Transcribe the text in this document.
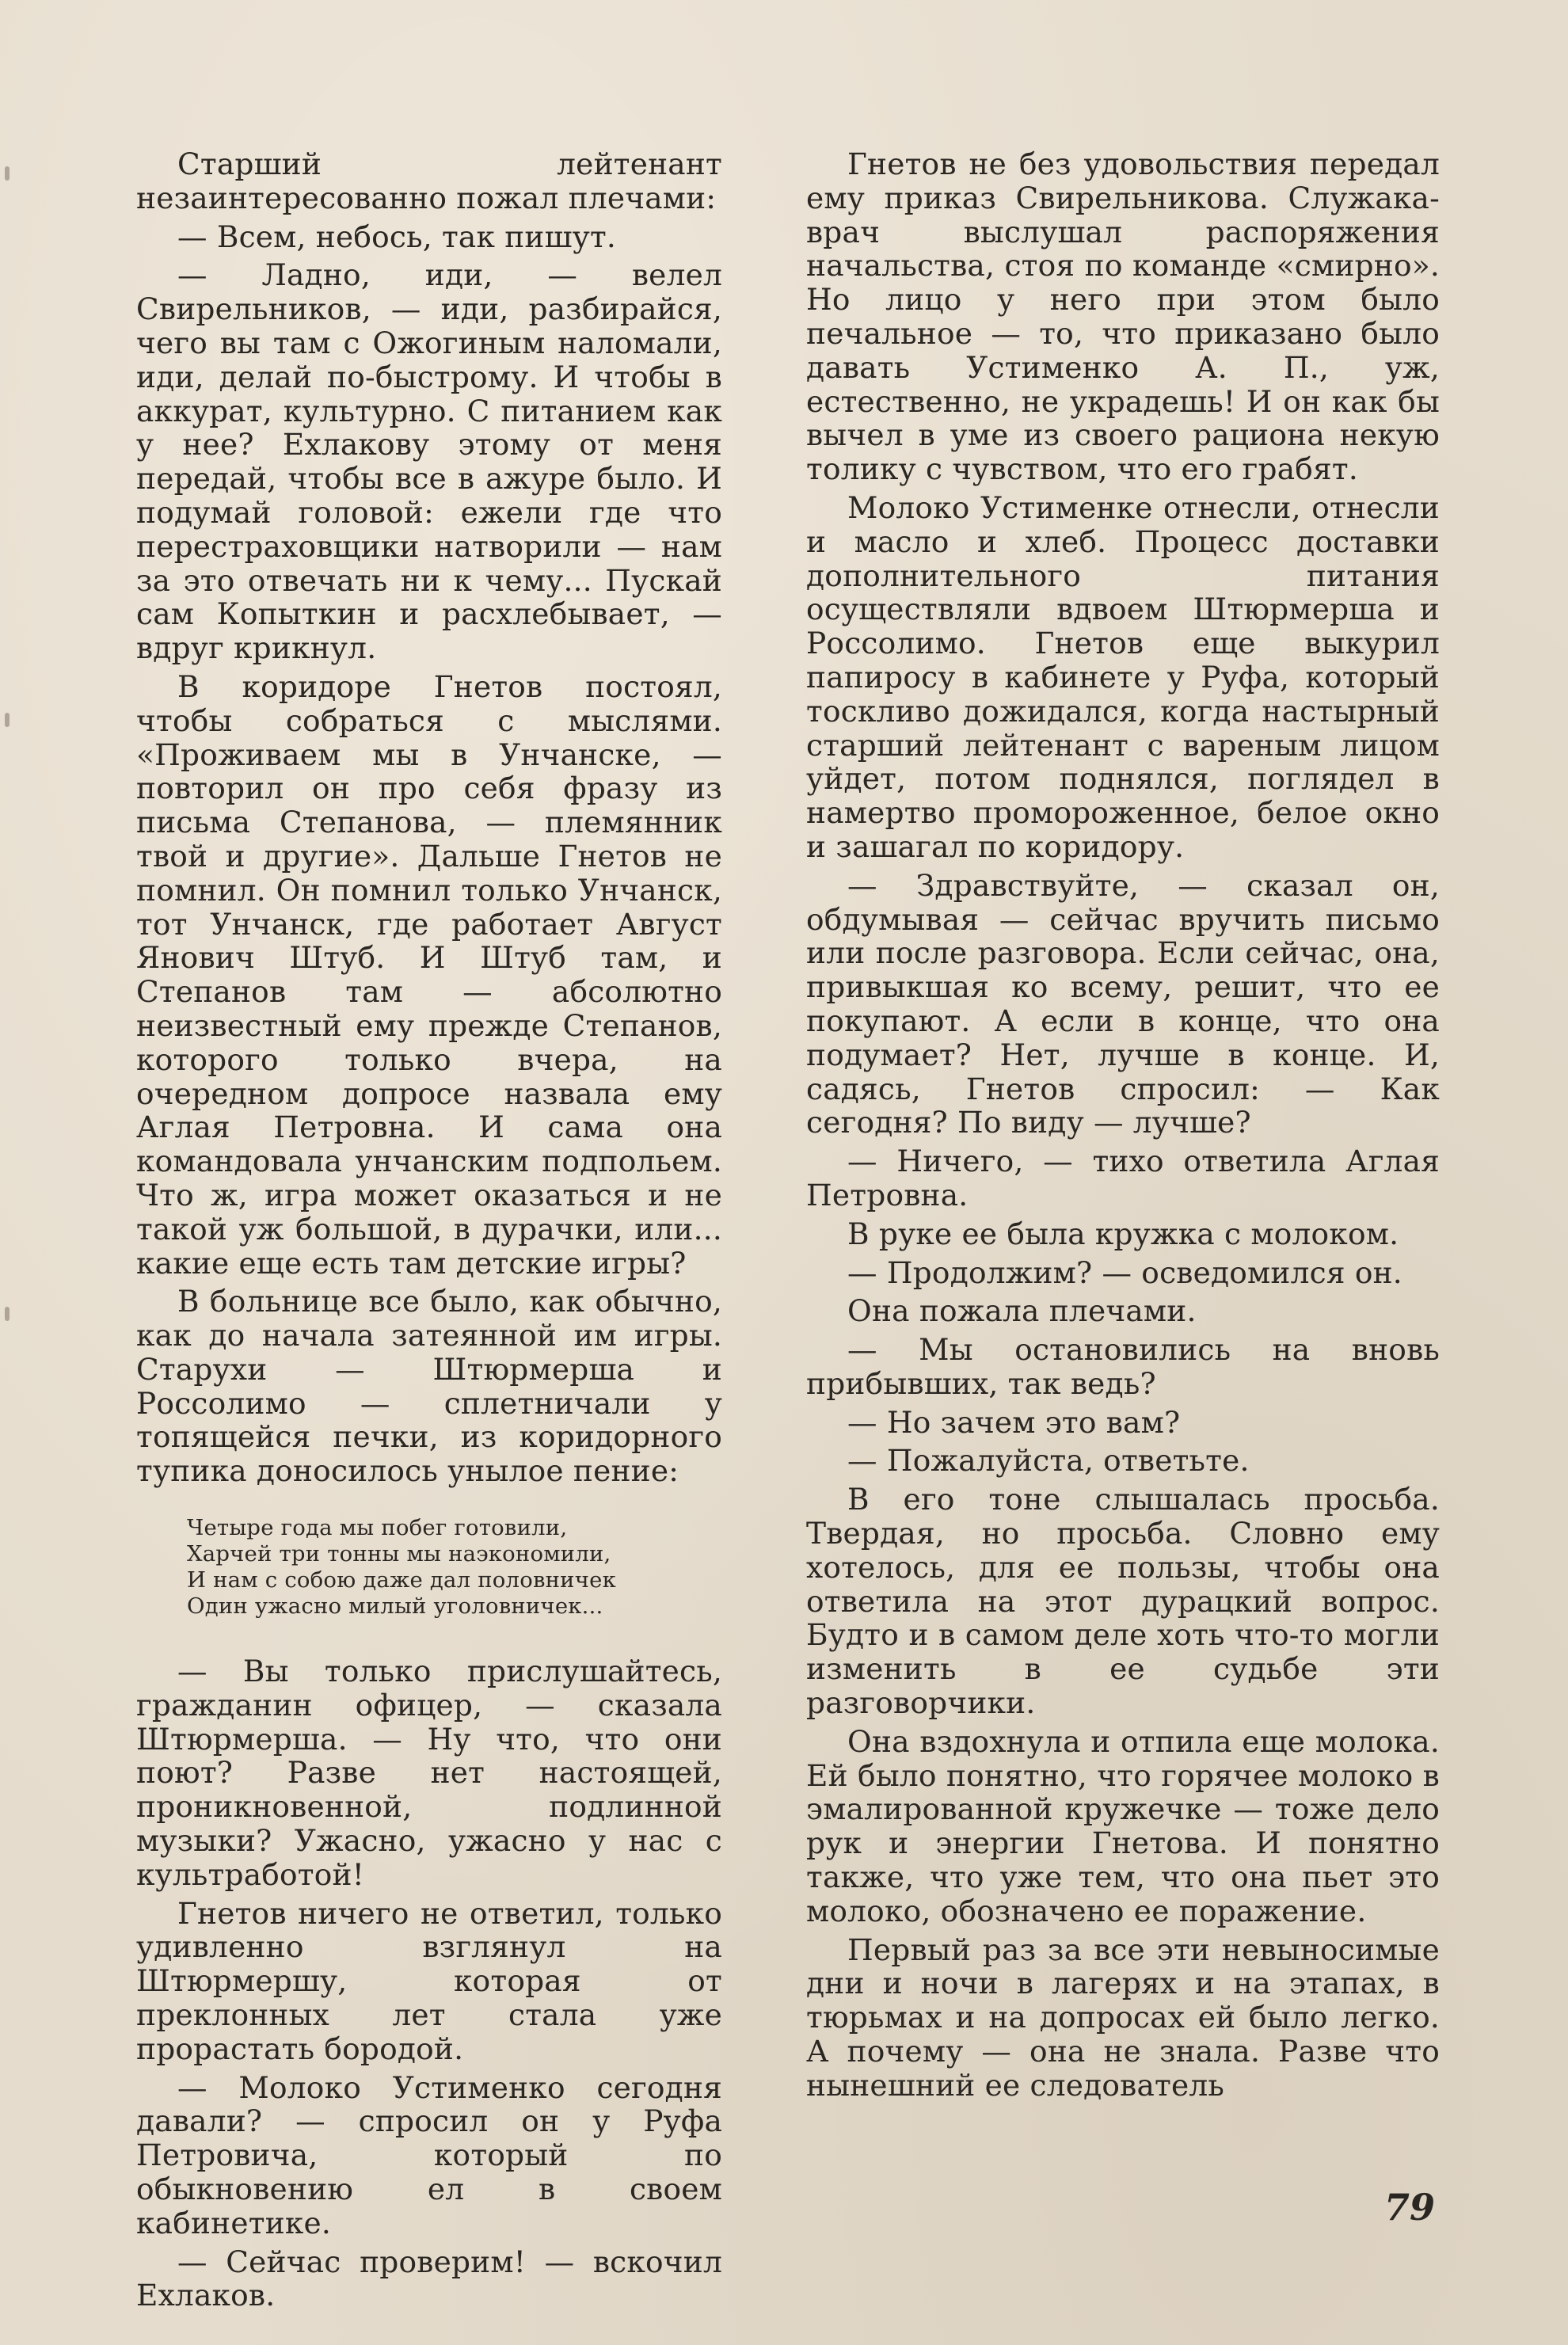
Старший лейтенант незаинтересованно пожал плечами:

— Всем, небось, так пишут.

— Ладно, иди, — велел Свирельников, — иди, разбирайся, чего вы там с Ожогиным наломали, иди, делай по-быстрому. И чтобы в аккурат, культурно. С питанием как у нее? Ехлакову этому от меня передай, чтобы все в ажуре было. И подумай головой: ежели где что перестраховщики натворили — нам за это отвечать ни к чему... Пускай сам Копыткин и расхлебывает, — вдруг крикнул.

В коридоре Гнетов постоял, чтобы собраться с мыслями. «Проживаем мы в Унчанске, — повторил он про себя фразу из письма Степанова, — племянник твой и другие». Дальше Гнетов не помнил. Он помнил только Унчанск, тот Унчанск, где работает Август Янович Штуб. И Штуб там, и Степанов там — абсолютно неизвестный ему прежде Степанов, которого только вчера, на очередном допросе назвала ему Аглая Петровна. И сама она командовала унчанским подпольем. Что ж, игра может оказаться и не такой уж большой, в дурачки, или... какие еще есть там детские игры?

В больнице все было, как обычно, как до начала затеянной им игры. Старухи — Штюрмерша и Россолимо — сплетничали у топящейся печки, из коридорного тупика доносилось унылое пение:

Четыре года мы побег готовили,
Харчей три тонны мы наэкономили,
И нам с собою даже дал половничек
Один ужасно милый уголовничек...

— Вы только прислушайтесь, гражданин офицер, — сказала Штюрмерша. — Ну что, что они поют? Разве нет настоящей, проникновенной, подлинной музыки? Ужасно, ужасно у нас с культработой!

Гнетов ничего не ответил, только удивленно взглянул на Штюрмершу, которая от преклонных лет стала уже прорастать бородой.

— Молоко Устименко сегодня давали? — спросил он у Руфа Петровича, который по обыкновению ел в своем кабинетике.

— Сейчас проверим! — вскочил Ехлаков.

Гнетов не без удовольствия передал ему приказ Свирельникова. Служака-врач выслушал распоряжения начальства, стоя по команде «смирно». Но лицо у него при этом было печальное — то, что приказано было давать Устименко А. П., уж, естественно, не украдешь! И он как бы вычел в уме из своего рациона некую толику с чувством, что его грабят.

Молоко Устименке отнесли, отнесли и масло и хлеб. Процесс доставки дополнительного питания осуществляли вдвоем Штюрмерша и Россолимо. Гнетов еще выкурил папиросу в кабинете у Руфа, который тоскливо дожидался, когда настырный старший лейтенант с вареным лицом уйдет, потом поднялся, поглядел в намертво промороженное, белое окно и зашагал по коридору.

— Здравствуйте, — сказал он, обдумывая — сейчас вручить письмо или после разговора. Если сейчас, она, привыкшая ко всему, решит, что ее покупают. А если в конце, что она подумает? Нет, лучше в конце. И, садясь, Гнетов спросил: — Как сегодня? По виду — лучше?

— Ничего, — тихо ответила Аглая Петровна.

В руке ее была кружка с молоком.

— Продолжим? — осведомился он.

Она пожала плечами.

— Мы остановились на вновь прибывших, так ведь?

— Но зачем это вам?

— Пожалуйста, ответьте.

В его тоне слышалась просьба. Твердая, но просьба. Словно ему хотелось, для ее пользы, чтобы она ответила на этот дурацкий вопрос. Будто и в самом деле хоть что-то могли изменить в ее судьбе эти разговорчики.

Она вздохнула и отпила еще молока. Ей было понятно, что горячее молоко в эмалированной кружечке — тоже дело рук и энергии Гнетова. И понятно также, что уже тем, что она пьет это молоко, обозначено ее поражение.

Первый раз за все эти невыносимые дни и ночи в лагерях и на этапах, в тюрьмах и на допросах ей было легко. А почему — она не знала. Разве что нынешний ее следователь

79
